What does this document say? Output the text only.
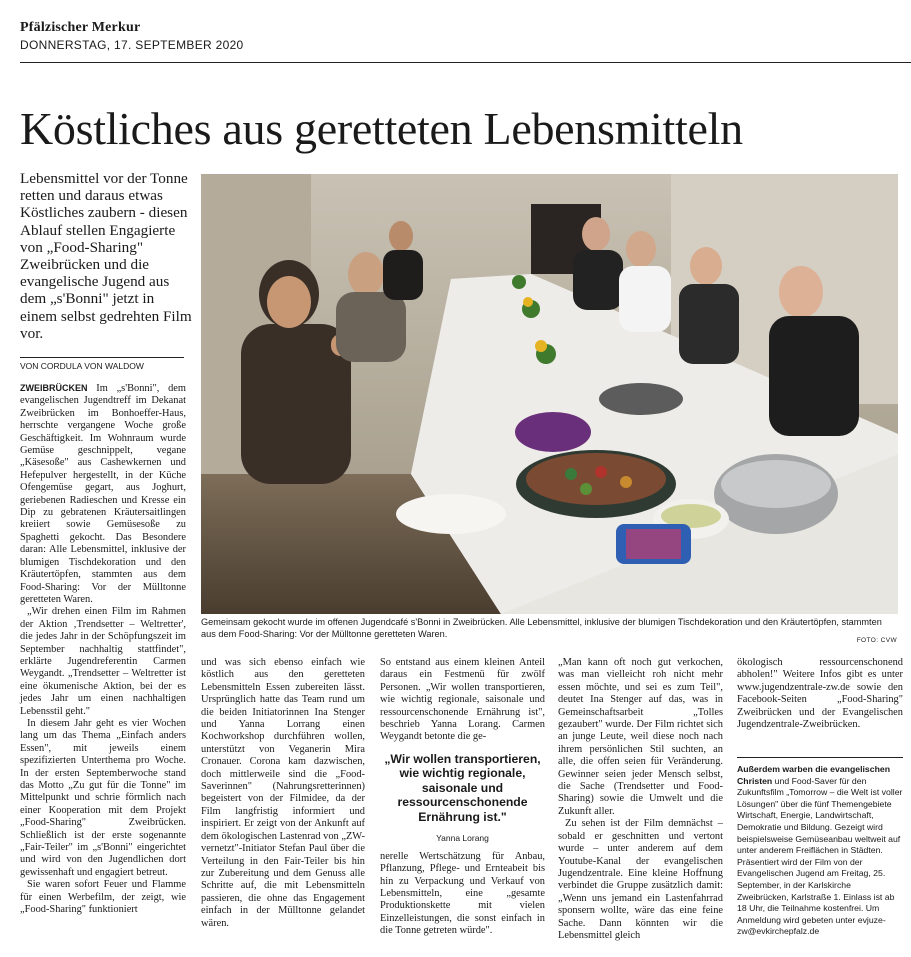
Pfälzischer Merkur
DONNERSTAG, 17. SEPTEMBER 2020
Köstliches aus geretteten Lebensmitteln

Lebensmittel vor der Tonne retten und daraus etwas Köstliches zaubern - diesen Ablauf stellen Engagierte von „Food-Sharing" Zweibrücken und die evangelische Jugend aus dem „s'Bonni" jetzt in einem selbst gedrehten Film vor.

VON CORDULA VON WALDOW
Gemeinsam gekocht wurde im offenen Jugendcafé s'Bonni in Zweibrücken. Alle Lebensmittel, inklusive der blumigen Tischdekoration und den Kräutertöpfen, stammten aus dem Food-Sharing: Vor der Mülltonne geretteten Waren.
FOTO: CVW

ZWEIBRÜCKEN Im „s'Bonni", dem evangelischen Jugendtreff im Dekanat Zweibrücken im Bonhoeffer-Haus, herrschte vergangene Woche große Geschäftigkeit. Im Wohnraum wurde Gemüse geschnippelt, vegane „Käsesoße" aus Cashewkernen und Hefepulver hergestellt, in der Küche Ofengemüse gegart, aus Joghurt, geriebenen Radieschen und Kresse ein Dip zu gebratenen Kräutersaitlingen kreiiert sowie Gemüsesoße zu Spaghetti gekocht. Das Besondere daran: Alle Lebensmittel, inklusive der blumigen Tischdekoration und den Kräutertöpfen, stammten aus dem Food-Sharing: Vor der Mülltonne geretteten Waren.

„Wir drehen einen Film im Rahmen der Aktion ‚Trendsetter – Weltretter', die jedes Jahr in der Schöpfungszeit im September nachhaltig stattfindet", erklärte Jugendreferentin Carmen Weygandt. „Trendsetter – Weltretter ist eine ökumenische Aktion, bei der es jedes Jahr um einen nachhaltigen Lebensstil geht."

In diesem Jahr geht es vier Wochen lang um das Thema „Einfach anders Essen", mit jeweils einem spezifizierten Unterthema pro Woche. In der ersten Septemberwoche stand das Motto „Zu gut für die Tonne" im Mittelpunkt und schrie förmlich nach einer Kooperation mit dem Projekt „Food-Sharing" Zweibrücken. Schließlich ist der erste sogenannte „Fair-Teiler" im „s'Bonni" eingerichtet und wird von den Jugendlichen dort gewissenhaft und engagiert betreut.

Sie waren sofort Feuer und Flamme für einen Werbefilm, der zeigt, wie „Food-Sharing" funktioniert

und was sich ebenso einfach wie köstlich aus den geretteten Lebensmitteln Essen zubereiten lässt. Ursprünglich hatte das Team rund um die beiden Initiatorinnen Ina Stenger und Yanna Lorrang einen Kochworkshop durchführen wollen, unterstützt von Veganerin Mira Cronauer. Corona kam dazwischen, doch mittlerweile sind die „Food-Saverinnen" (Nahrungsretterinnen) begeistert von der Filmidee, da der Film langfristig informiert und inspiriert. Er zeigt von der Ankunft auf dem ökologischen Lastenrad von „ZW-vernetzt"-Initiator Stefan Paul über die Verteilung in den Fair-Teiler bis hin zur Zubereitung und dem Genuss alle Schritte auf, die mit Lebensmitteln passieren, die ohne das Engagement einfach in der Mülltonne gelandet wären.

So entstand aus einem kleinen Anteil daraus ein Festmenü für zwölf Personen. „Wir wollen transportieren, wie wichtig regionale, saisonale und ressourcenschonende Ernährung ist", beschrieb Yanna Lorang. Carmen Weygandt betonte die ge-

„Wir wollen transportieren, wie wichtig regionale, saisonale und ressourcenschonende Ernährung ist."
Yanna Lorang

nerelle Wertschätzung für Anbau, Pflanzung, Pflege- und Ernteabeit bis hin zu Verpackung und Verkauf von Lebensmitteln, eine „gesamte Produktionskette mit vielen Einzelleistungen, die sonst einfach in die Tonne getreten würde".

„Man kann oft noch gut verkochen, was man vielleicht roh nicht mehr essen möchte, und sei es zum Teil", deutet Ina Stenger auf das, was in Gemeinschaftsarbeit „Tolles gezaubert" wurde. Der Film richtet sich an junge Leute, weil diese noch nach ihrem persönlichen Stil suchten, an alle, die offen seien für Veränderung. Gewinner seien jeder Mensch selbst, die Sache (Trendsetter und Food-Sharing) sowie die Umwelt und die Zukunft aller.

Zu sehen ist der Film demnächst – sobald er geschnitten und vertont wurde – unter anderem auf dem Youtube-Kanal der evangelischen Jugendzentrale. Eine kleine Hoffnung verbindet die Gruppe zusätzlich damit: „Wenn uns jemand ein Lastenfahrrad sponsern wollte, wäre das eine feine Sache. Dann könnten wir die Lebensmittel gleich

ökologisch ressourcenschonend abholen!" Weitere Infos gibt es unter www.jugendzentrale-zw.de sowie den Facebook-Seiten „Food-Sharing" Zweibrücken und der Evangelischen Jugendzentrale-Zweibrücken.

Außerdem warben die evangelischen Christen und Food-Saver für den Zukunftsfilm „Tomorrow – die Welt ist voller Lösungen" über die fünf Themengebiete Wirtschaft, Energie, Landwirtschaft, Demokratie und Bildung. Gezeigt wird beispielsweise Gemüseanbau weltweit auf unter anderem Freiflächen in Städten. Präsentiert wird der Film von der Evangelischen Jugend am Freitag, 25. September, in der Karlskirche Zweibrücken, Karlstraße 1. Einlass ist ab 18 Uhr, die Teilnahme kostenfrei. Um Anmeldung wird gebeten unter evjuze-zw@evkirchepfalz.de
